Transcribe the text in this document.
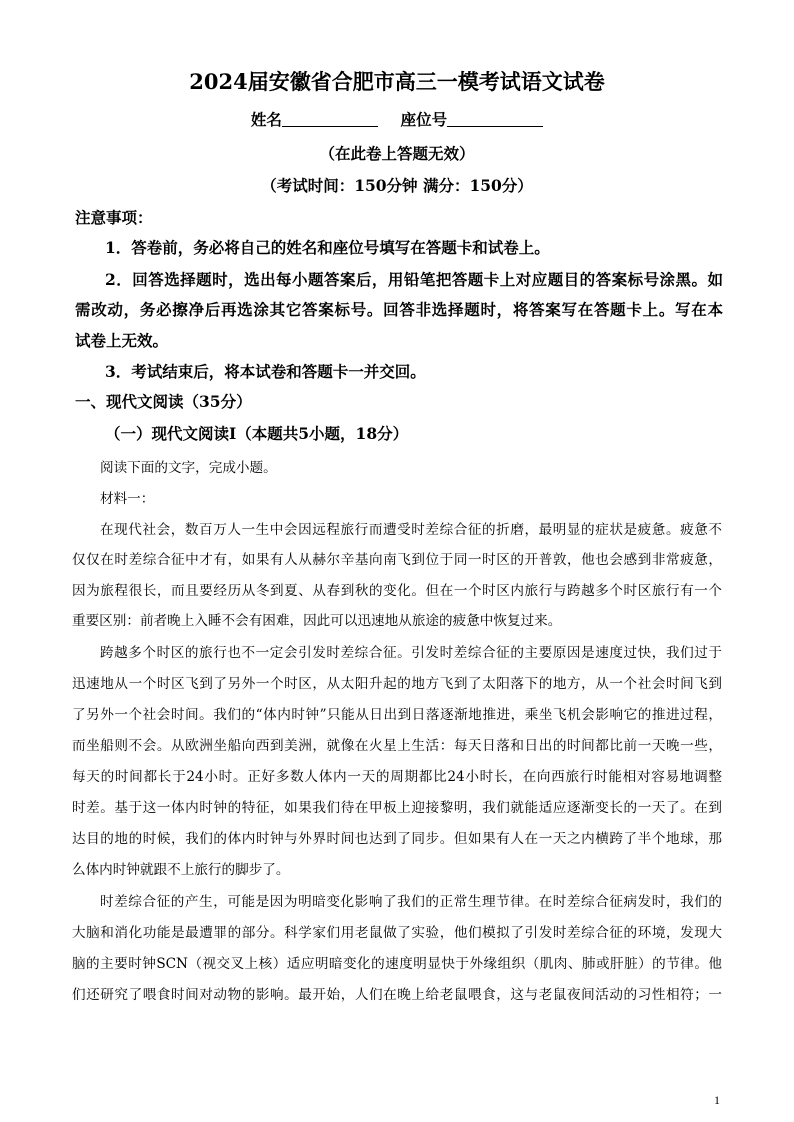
2024届安徽省合肥市高三一模考试语文试卷
姓名	座位号
（在此卷上答题无效）
（考试时间：150分钟 满分：150分）
注意事项：
1．答卷前，务必将自己的姓名和座位号填写在答题卡和试卷上。
2．回答选择题时，选出每小题答案后，用铅笔把答题卡上对应题目的答案标号涂黑。如
需改动，务必擦净后再选涂其它答案标号。回答非选择题时，将答案写在答题卡上。写在本
试卷上无效。
3．考试结束后，将本试卷和答题卡一并交回。
一、现代文阅读（35分）
（一）现代文阅读Ⅰ（本题共5小题，18分）
阅读下面的文字，完成小题。
材料一：
在现代社会，数百万人一生中会因远程旅行而遭受时差综合征的折磨，最明显的症状是疲惫。疲惫不
仅仅在时差综合征中才有，如果有人从赫尔辛基向南飞到位于同一时区的开普敦，他也会感到非常疲惫，
因为旅程很长，而且要经历从冬到夏、从春到秋的变化。但在一个时区内旅行与跨越多个时区旅行有一个
重要区别：前者晚上入睡不会有困难，因此可以迅速地从旅途的疲惫中恢复过来。
跨越多个时区的旅行也不一定会引发时差综合征。引发时差综合征的主要原因是速度过快，我们过于
迅速地从一个时区飞到了另外一个时区，从太阳升起的地方飞到了太阳落下的地方，从一个社会时间飞到
了另外一个社会时间。我们的“体内时钟”只能从日出到日落逐渐地推进，乘坐飞机会影响它的推进过程，
而坐船则不会。从欧洲坐船向西到美洲，就像在火星上生活：每天日落和日出的时间都比前一天晚一些，
每天的时间都长于24小时。正好多数人体内一天的周期都比24小时长，在向西旅行时能相对容易地调整
时差。基于这一体内时钟的特征，如果我们待在甲板上迎接黎明，我们就能适应逐渐变长的一天了。在到
达目的地的时候，我们的体内时钟与外界时间也达到了同步。但如果有人在一天之内横跨了半个地球，那
么体内时钟就跟不上旅行的脚步了。
时差综合征的产生，可能是因为明暗变化影响了我们的正常生理节律。在时差综合征病发时，我们的
大脑和消化功能是最遭罪的部分。科学家们用老鼠做了实验，他们模拟了引发时差综合征的环境，发现大
脑的主要时钟SCN（视交叉上核）适应明暗变化的速度明显快于外缘组织（肌肉、肺或肝脏）的节律。他
们还研究了喂食时间对动物的影响。最开始，人们在晚上给老鼠喂食，这与老鼠夜间活动的习性相符；一
1
